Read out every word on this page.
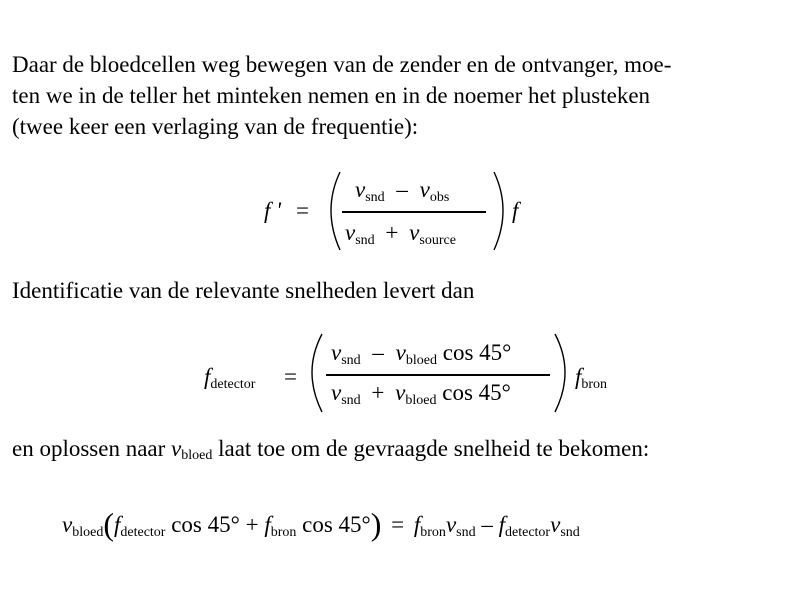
Daar de bloedcellen weg bewegen van de zender en de ontvanger, moe-
ten we in de teller het minteken nemen en in de noemer het plusteken
(twee keer een verlaging van de frequentie):
f ' =
vsnd – vobs
vsnd + vsource
f
Identificatie van de relevante snelheden levert dan
fdetector =
vsnd – vbloed cos 45°
vsnd + vbloed cos 45°
fbron
en oplossen naar vbloed laat toe om de gevraagde snelheid te bekomen:
vbloed(fdetector cos 45° + fbron cos 45°) = fbronvsnd – fdetectorvsnd
